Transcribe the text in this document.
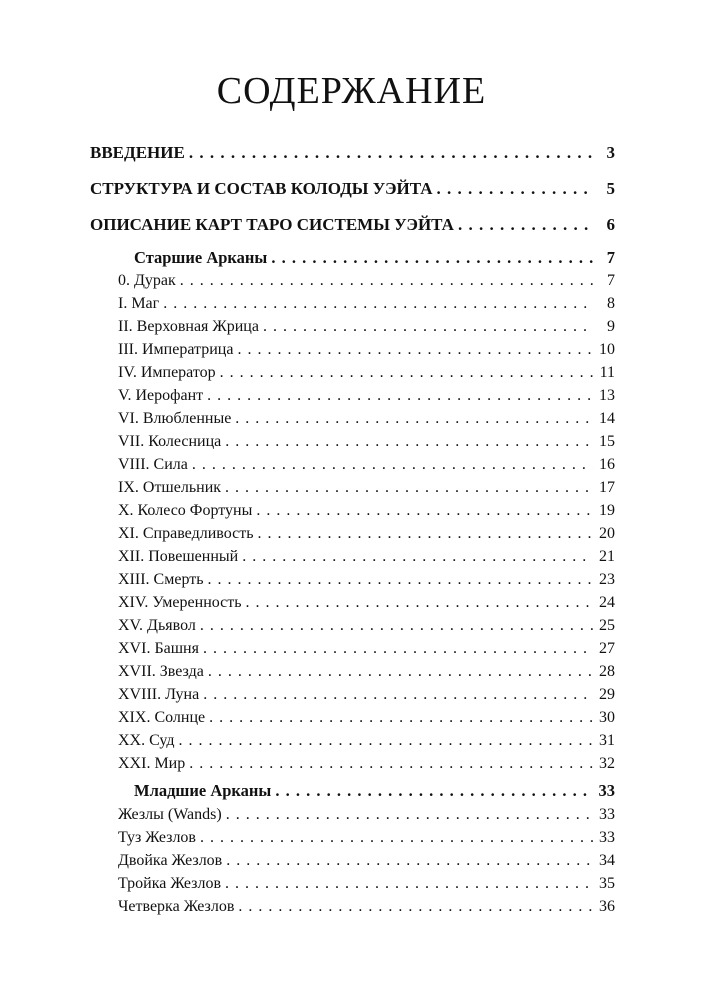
СОДЕРЖАНИЕ
ВВЕДЕНИЕ . . .	3
СТРУКТУРА И СОСТАВ КОЛОДЫ УЭЙТА . . .	5
ОПИСАНИЕ КАРТ ТАРО СИСТЕМЫ УЭЙТА . . .	6
Старшие Арканы . . .	7
0. Дурак . . .	7
I. Маг . . .	8
II. Верховная Жрица . . .	9
III. Императрица . . .	10
IV. Император . . .	11
V. Иерофант . . .	13
VI. Влюбленные . . .	14
VII. Колесница . . .	15
VIII. Сила . . .	16
IX. Отшельник . . .	17
X. Колесо Фортуны . . .	19
XI. Справедливость . . .	20
XII. Повешенный . . .	21
XIII. Смерть . . .	23
XIV. Умеренность . . .	24
XV. Дьявол . . .	25
XVI. Башня . . .	27
XVII. Звезда . . .	28
XVIII. Луна . . .	29
XIX. Солнце . . .	30
XX. Суд . . .	31
XXI. Мир . . .	32
Младшие Арканы . . .	33
Жезлы (Wands) . . .	33
Туз Жезлов . . .	33
Двойка Жезлов . . .	34
Тройка Жезлов . . .	35
Четверка Жезлов . . .	36
